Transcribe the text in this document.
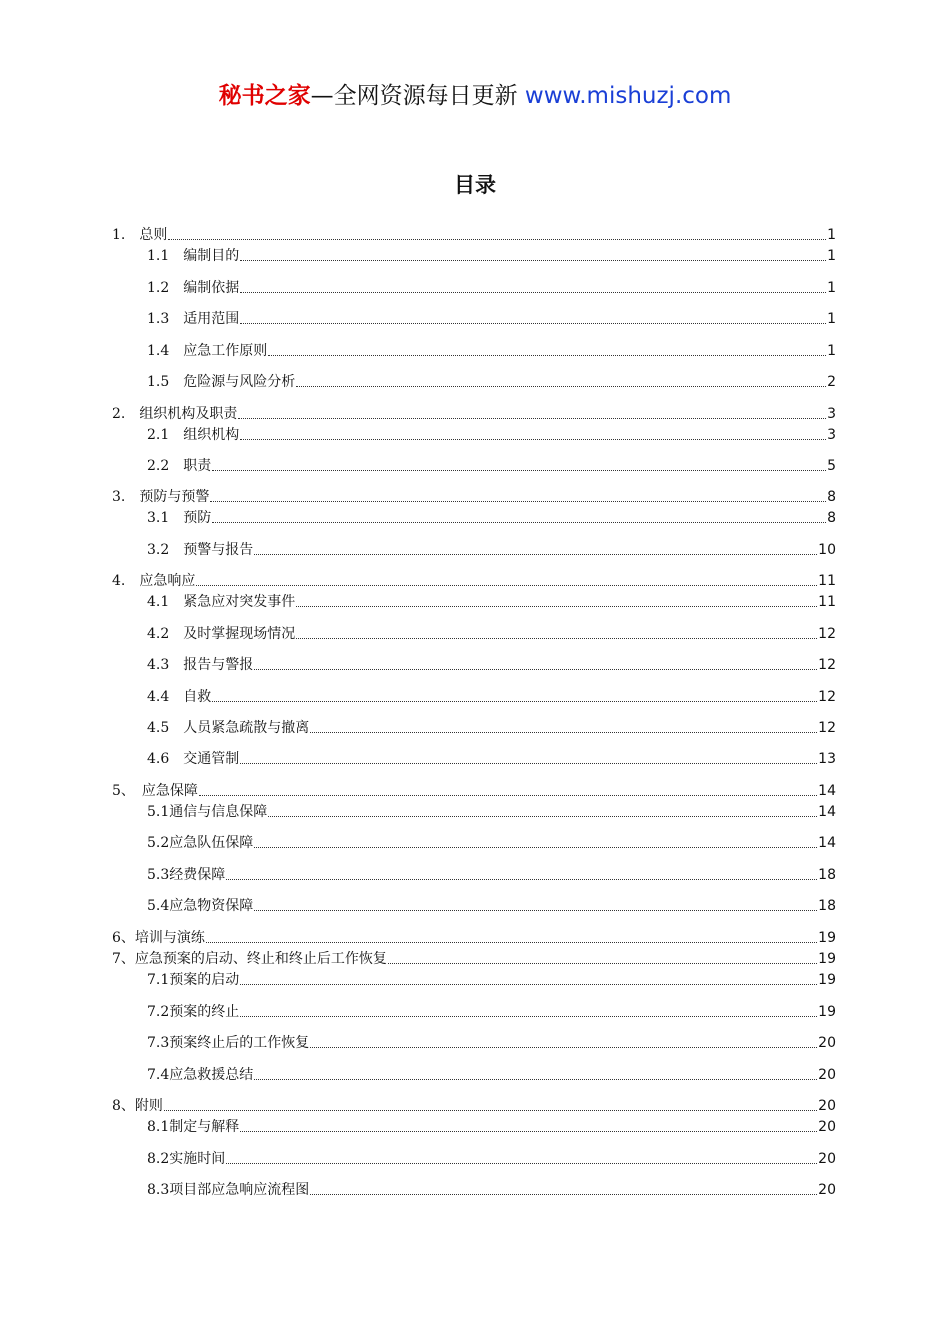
秘书之家—全网资源每日更新 www.mishuzj.com
目录
1.　总则	1
1.1　编制目的	1
1.2　编制依据	1
1.3　适用范围	1
1.4　应急工作原则	1
1.5　危险源与风险分析	2
2.　组织机构及职责	3
2.1　组织机构	3
2.2　职责	5
3.　预防与预警	8
3.1　预防	8
3.2　预警与报告	10
4.　应急响应	11
4.1　紧急应对突发事件	11
4.2　及时掌握现场情况	12
4.3　报告与警报	12
4.4　自救	12
4.5　人员紧急疏散与撤离	12
4.6　交通管制	13
5、　应急保障	14
5.1通信与信息保障	14
5.2应急队伍保障	14
5.3经费保障	18
5.4应急物资保障	18
6、培训与演练	19
7、应急预案的启动、终止和终止后工作恢复	19
7.1预案的启动	19
7.2预案的终止	19
7.3预案终止后的工作恢复	20
7.4应急救援总结	20
8、附则	20
8.1制定与解释	20
8.2实施时间	20
8.3项目部应急响应流程图	20
